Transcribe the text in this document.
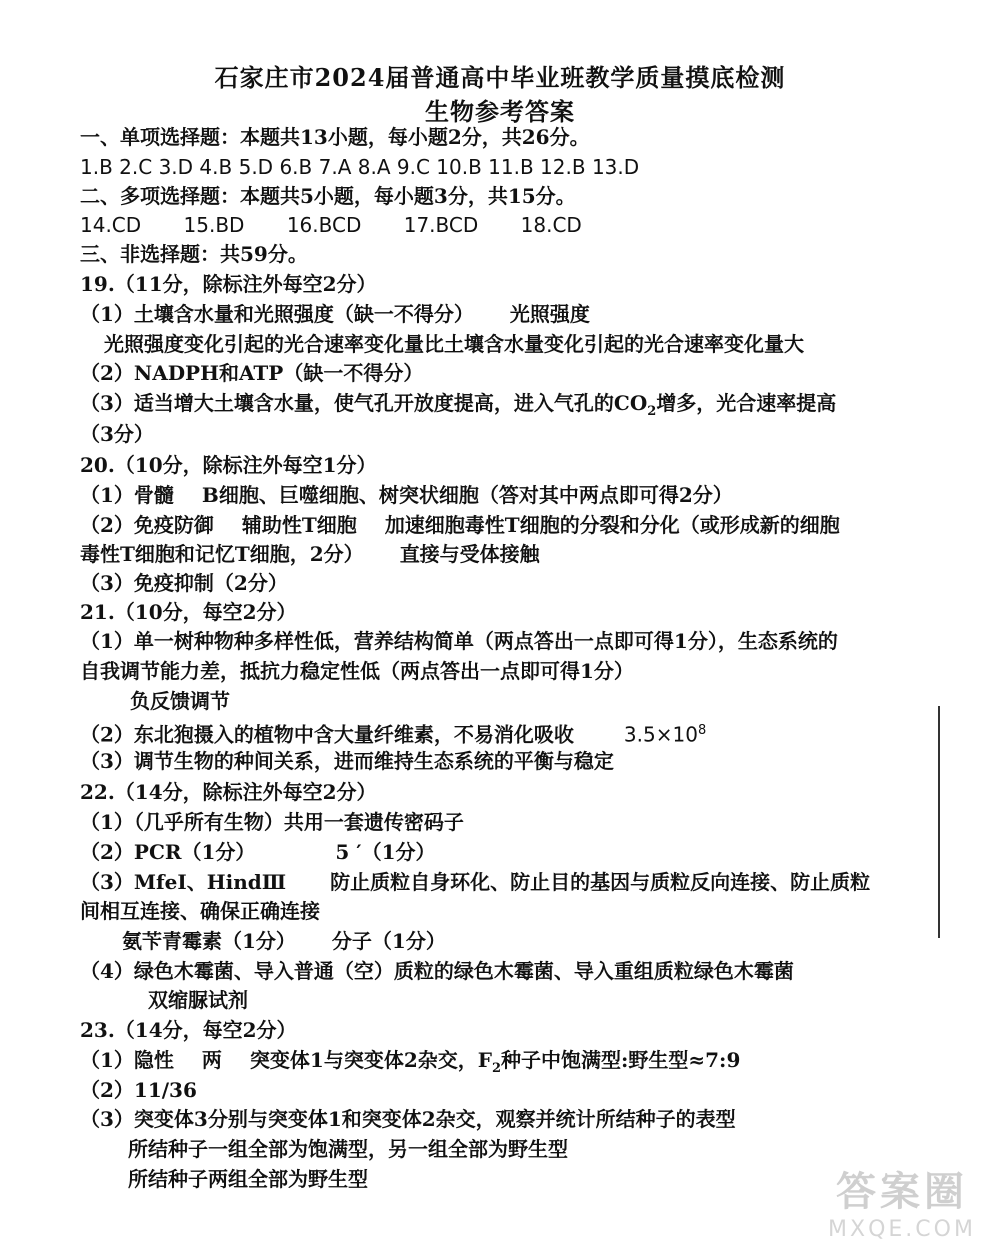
石家庄市2024届普通高中毕业班教学质量摸底检测
生物参考答案
一、单项选择题：本题共13小题，每小题2分，共26分。
1.B 2.C 3.D 4.B 5.D 6.B 7.A 8.A 9.C 10.B 11.B 12.B 13.D
二、多项选择题：本题共5小题，每小题3分，共15分。
14.CD 15.BD 16.BCD 17.BCD 18.CD
三、非选择题：共59分。
19.（11分，除标注外每空2分）
（1）土壤含水量和光照强度（缺一不得分） 光照强度
光照强度变化引起的光合速率变化量比土壤含水量变化引起的光合速率变化量大
（2）NADPH和ATP（缺一不得分）
（3）适当增大土壤含水量，使气孔开放度提高，进入气孔的$CO_2$增多，光合速率提高
（3分）
20.（10分，除标注外每空1分）
（1）骨髓 B细胞、巨噬细胞、树突状细胞（答对其中两点即可得2分）
（2）免疫防御 辅助性T细胞 加速细胞毒性T细胞的分裂和分化（或形成新的细胞
毒性T细胞和记忆T细胞，2分） 直接与受体接触
（3）免疫抑制（2分）
21.（10分，每空2分）
（1）单一树种物种多样性低，营养结构简单（两点答出一点即可得1分），生态系统的
自我调节能力差，抵抗力稳定性低（两点答出一点即可得1分）
负反馈调节
（2）东北狍摄入的植物中含大量纤维素，不易消化吸收	$3.5\times 10^8$
（3）调节生物的种间关系，进而维持生态系统的平衡与稳定
22.（14分，除标注外每空2分）
（1）（几乎所有生物）共用一套遗传密码子
（2）PCR（1分）	5 ′（1分）
（3）MfeⅠ、HindⅢ 防止质粒自身环化、防止目的基因与质粒反向连接、防止质粒
间相互连接、确保正确连接
氨苄青霉素（1分） 分子（1分）
（4）绿色木霉菌、导入普通（空）质粒的绿色木霉菌、导入重组质粒绿色木霉菌
双缩脲试剂
23.（14分，每空2分）
（1）隐性 两 突变体1与突变体2杂交，$F_2$种子中饱满型:野生型≈7:9
（2）11/36
（3）突变体3分别与突变体1和突变体2杂交，观察并统计所结种子的表型
所结种子一组全部为饱满型，另一组全部为野生型
所结种子两组全部为野生型	答案圈
MXQE.COM
